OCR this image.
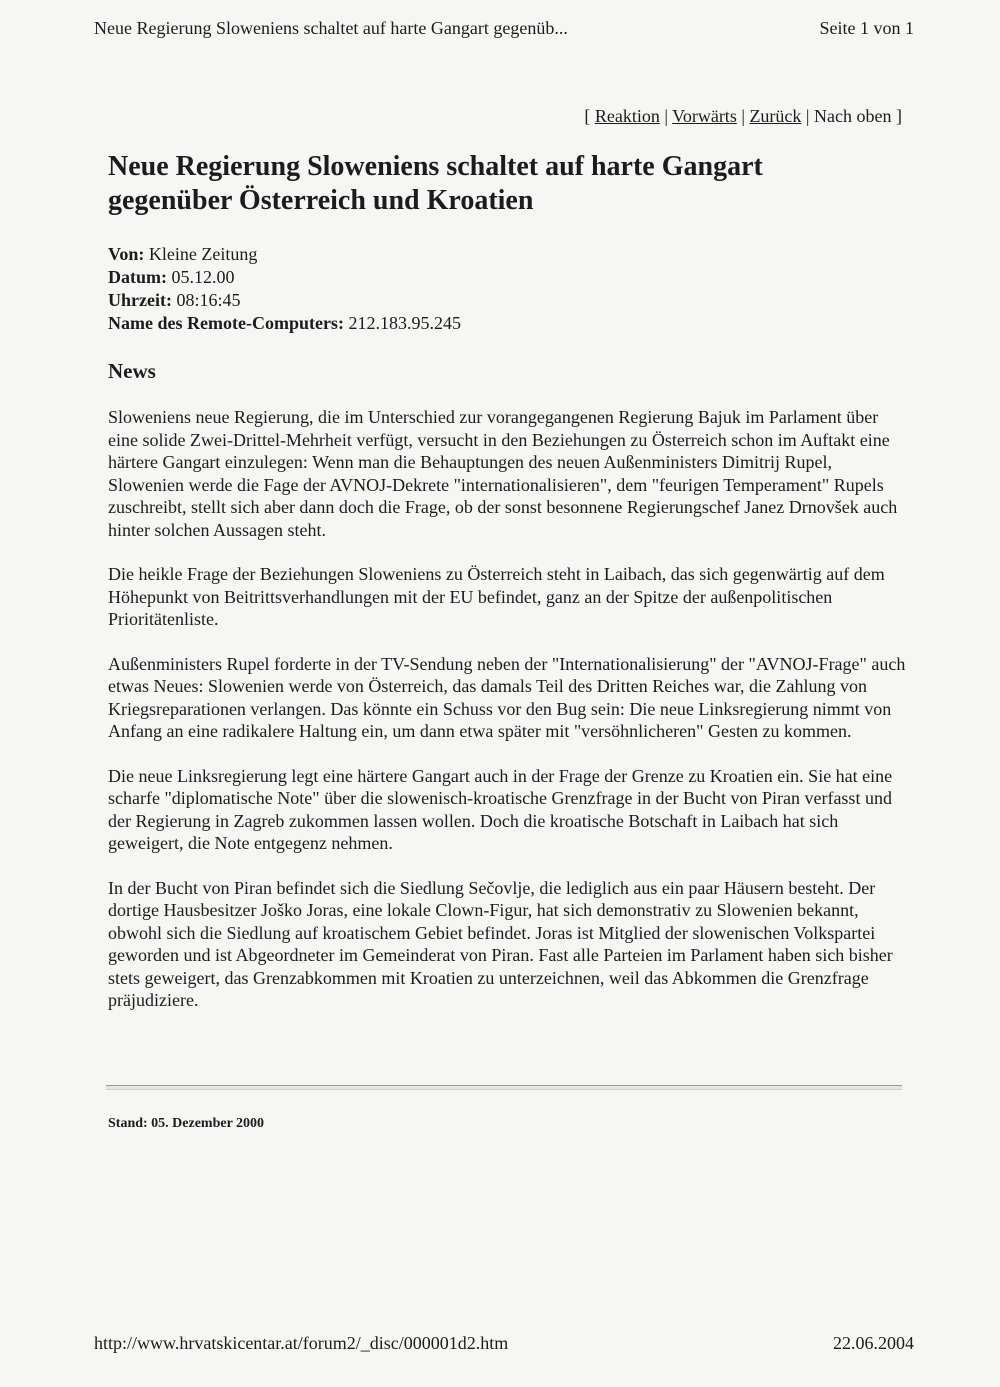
Neue Regierung Sloweniens schaltet auf harte Gangart gegenüb...	Seite 1 von 1
[ Reaktion | Vorwärts | Zurück | Nach oben ]
Neue Regierung Sloweniens schaltet auf harte Gangart gegenüber Österreich und Kroatien
Von: Kleine Zeitung
Datum: 05.12.00
Uhrzeit: 08:16:45
Name des Remote-Computers: 212.183.95.245
News

Sloweniens neue Regierung, die im Unterschied zur vorangegangenen Regierung Bajuk im Parlament über eine solide Zwei-Drittel-Mehrheit verfügt, versucht in den Beziehungen zu Österreich schon im Auftakt eine härtere Gangart einzulegen: Wenn man die Behauptungen des neuen Außenministers Dimitrij Rupel, Slowenien werde die Fage der AVNOJ-Dekrete "internationalisieren", dem "feurigen Temperament" Rupels zuschreibt, stellt sich aber dann doch die Frage, ob der sonst besonnene Regierungschef Janez Drnovšek auch hinter solchen Aussagen steht.

Die heikle Frage der Beziehungen Sloweniens zu Österreich steht in Laibach, das sich gegenwärtig auf dem Höhepunkt von Beitrittsverhandlungen mit der EU befindet, ganz an der Spitze der außenpolitischen Prioritätenliste.

Außenministers Rupel forderte in der TV-Sendung neben der "Internationalisierung" der "AVNOJ-Frage" auch etwas Neues: Slowenien werde von Österreich, das damals Teil des Dritten Reiches war, die Zahlung von Kriegsreparationen verlangen. Das könnte ein Schuss vor den Bug sein: Die neue Linksregierung nimmt von Anfang an eine radikalere Haltung ein, um dann etwa später mit "versöhnlicheren" Gesten zu kommen.

Die neue Linksregierung legt eine härtere Gangart auch in der Frage der Grenze zu Kroatien ein. Sie hat eine scharfe "diplomatische Note" über die slowenisch-kroatische Grenzfrage in der Bucht von Piran verfasst und der Regierung in Zagreb zukommen lassen wollen. Doch die kroatische Botschaft in Laibach hat sich geweigert, die Note entgegenz nehmen.

In der Bucht von Piran befindet sich die Siedlung Sečovlje, die lediglich aus ein paar Häusern besteht. Der dortige Hausbesitzer Joško Joras, eine lokale Clown-Figur, hat sich demonstrativ zu Slowenien bekannt, obwohl sich die Siedlung auf kroatischem Gebiet befindet. Joras ist Mitglied der slowenischen Volkspartei geworden und ist Abgeordneter im Gemeinderat von Piran. Fast alle Parteien im Parlament haben sich bisher stets geweigert, das Grenzabkommen mit Kroatien zu unterzeichnen, weil das Abkommen die Grenzfrage präjudiziere.

Stand: 05. Dezember 2000
http://www.hrvatskicentar.at/forum2/_disc/000001d2.htm	22.06.2004
